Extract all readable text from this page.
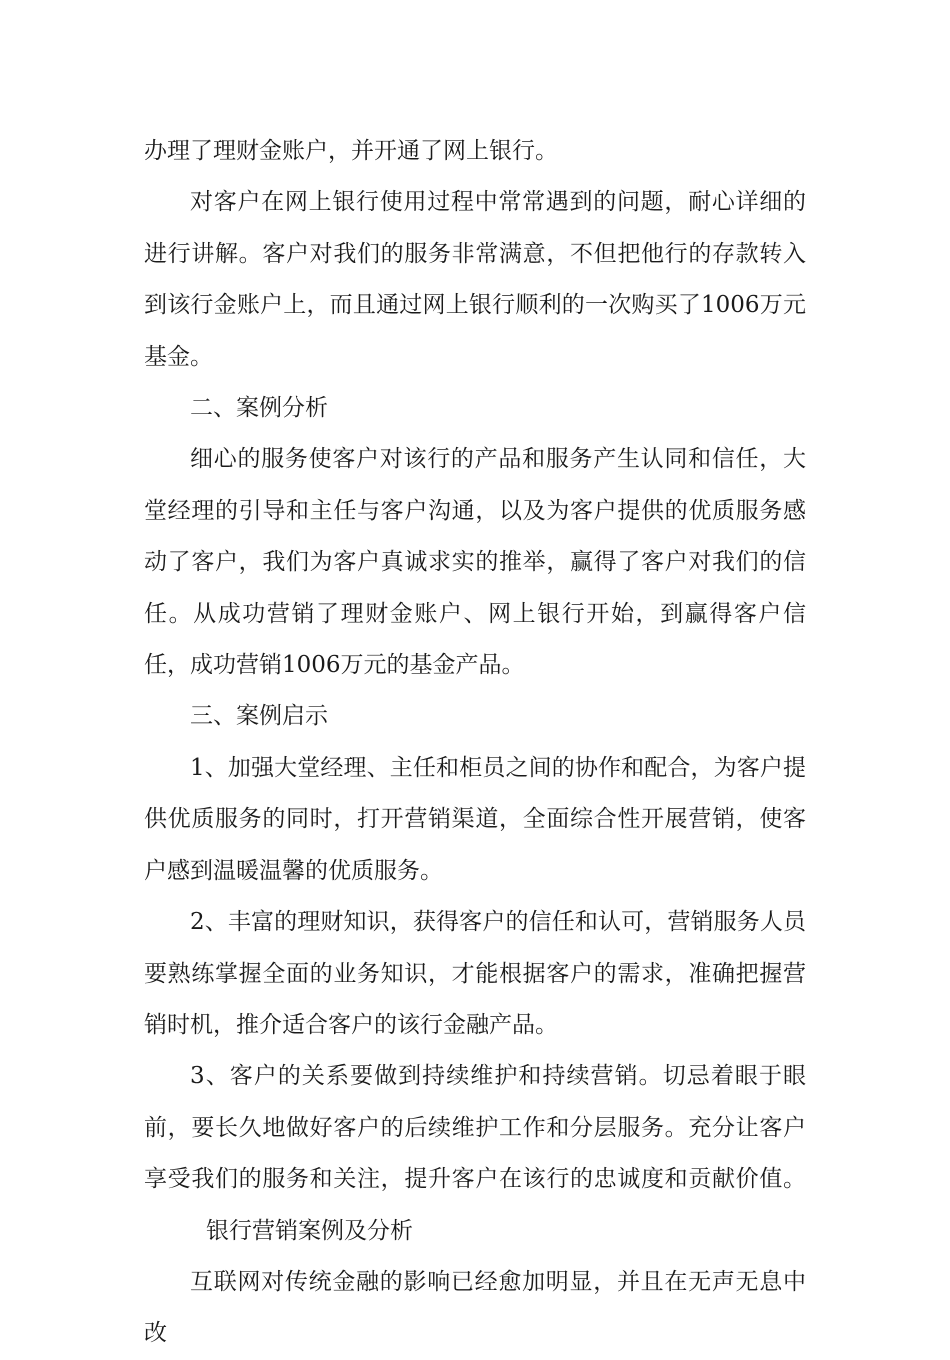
办理了理财金账户，并开通了网上银行。

对客户在网上银行使用过程中常常遇到的问题，耐心详细的进行讲解。客户对我们的服务非常满意，不但把他行的存款转入到该行金账户上，而且通过网上银行顺利的一次购买了1006万元基金。

二、案例分析

细心的服务使客户对该行的产品和服务产生认同和信任，大堂经理的引导和主任与客户沟通，以及为客户提供的优质服务感动了客户，我们为客户真诚求实的推举，赢得了客户对我们的信任。从成功营销了理财金账户、网上银行开始，到赢得客户信任，成功营销1006万元的基金产品。

三、案例启示

1、加强大堂经理、主任和柜员之间的协作和配合，为客户提供优质服务的同时，打开营销渠道，全面综合性开展营销，使客户感到温暖温馨的优质服务。

2、丰富的理财知识，获得客户的信任和认可，营销服务人员要熟练掌握全面的业务知识，才能根据客户的需求，准确把握营销时机，推介适合客户的该行金融产品。

3、客户的关系要做到持续维护和持续营销。切忌着眼于眼前，要长久地做好客户的后续维护工作和分层服务。充分让客户享受我们的服务和关注，提升客户在该行的忠诚度和贡献价值。银行营销案例及分析

互联网对传统金融的影响已经愈加明显，并且在无声无息中改
